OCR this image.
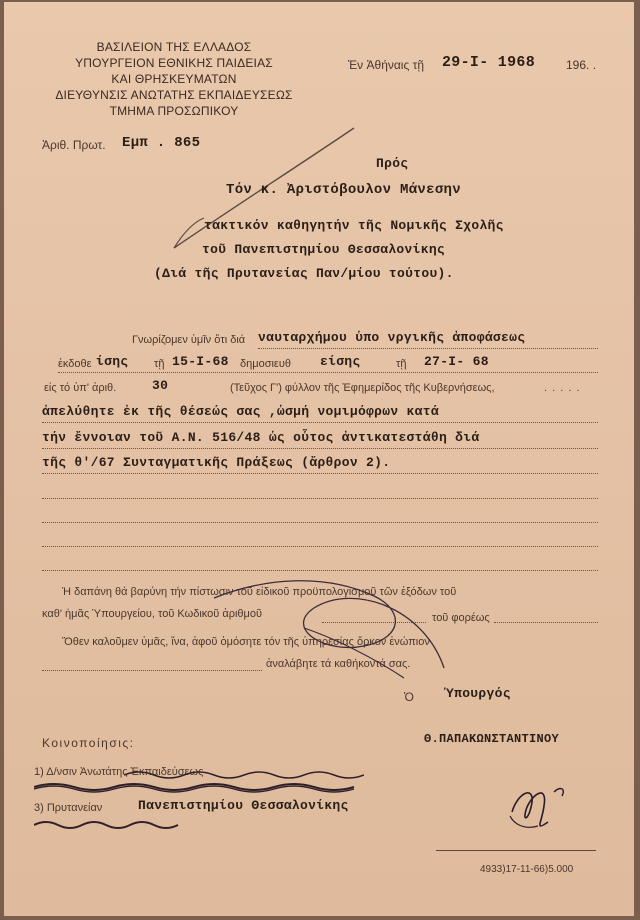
ΒΑΣΙΛΕΙΟΝ ΤΗΣ ΕΛΛΑΔΟΣ
ΥΠΟΥΡΓΕΙΟΝ ΕΘΝΙΚΗΣ ΠΑΙΔΕΙΑΣ
ΚΑΙ ΘΡΗΣΚΕΥΜΑΤΩΝ
ΔΙΕΥΘΥΝΣΙΣ ΑΝΩΤΑΤΗΣ ΕΚΠΑΙΔΕΥΣΕΩΣ
ΤΜΗΜΑ ΠΡΟΣΩΠΙΚΟΥ
Ἀριθ. Πρωτ. Εμπ . 865
Ἐν Ἀθήναις τῇ 29-Ι- 1968	196. .
Πρός
Τόν κ. Ἀριστόβουλον Μάνεσην
τακτικόν καθηγητήν τῆς Νομικῆς Σχολῆς
τοῦ Πανεπιστημίου Θεσσαλονίκης
(Διά τῆς Πρυτανείας Παν/μίου τούτου).
Γνωρίζομεν ὑμῖν ὅτι διά ναυταρχήμου ὑπο νργικῆς ἀποφάσεως
ἐκδοθε ίσης τῇ 15-Ι-68 δημοσιευθ είσης	τῇ 27-Ι- 68
εἰς τό ὑπ' ἀριθ.	30	(Τεῦχος Γ') φύλλον τῆς Ἐφημερίδος τῆς Κυβερνήσεως,	. . . . .
ἀπελύθητε ἐκ τῆς θέσεώς σας ,ὡσμή νομιμόφρων κατά
τήν ἔννοιαν τοῦ Α.Ν. 516/48 ὡς οὗτος ἀντικατεστάθη διά
τῆς θ'/67 Συνταγματικῆς Πράξεως (ἄρθρον 2).
Ἡ δαπάνη θά βαρύνη τήν πίστωσιν τοῦ εἰδικοῦ προϋπολογισμοῦ τῶν ἐξόδων τοῦ
καθ' ἡμᾶς Ὑπουργείου, τοῦ Κωδικοῦ ἀριθμοῦ	τοῦ φορέως
Ὅθεν καλοῦμεν ὑμᾶς, ἵνα, ἀφοῦ ὀμόσητε τόν τῆς ὑπηρεσίας ὅρκον ἐνώπιον
ἀναλάβητε τά καθήκοντά σας.
Ὁ Ὑπουργός
Θ.ΠΑΠΑΚΩΝΣΤΑΝΤΙΝΟΥ
Κοινοποίησις:
1) Δ/νσιν Ἀνωτάτης Ἐκπαιδεύσεως
3) Πρυτανείαν	Πανεπιστημίου Θεσσαλονίκης
4933)17-11-66)5.000
